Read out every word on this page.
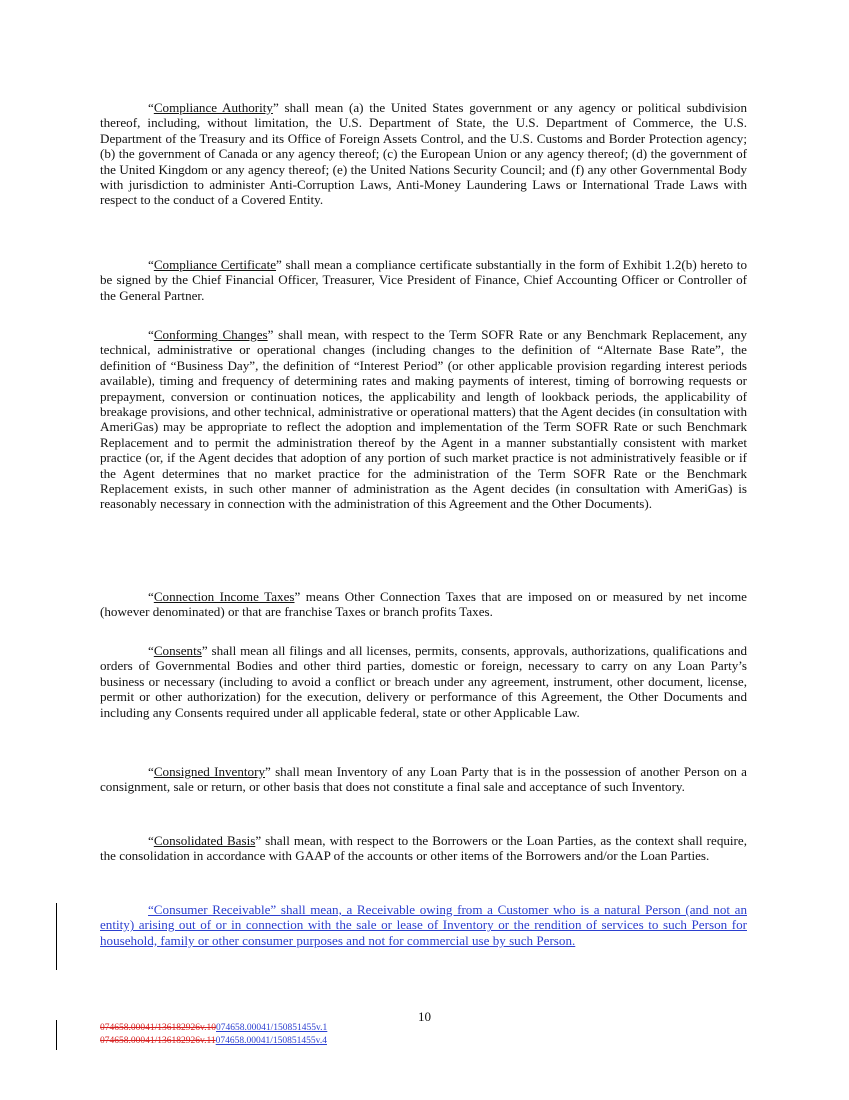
“Compliance Authority” shall mean (a) the United States government or any agency or political subdivision thereof, including, without limitation, the U.S. Department of State, the U.S. Department of Commerce, the U.S. Department of the Treasury and its Office of Foreign Assets Control, and the U.S. Customs and Border Protection agency; (b) the government of Canada or any agency thereof; (c) the European Union or any agency thereof; (d) the government of the United Kingdom or any agency thereof; (e) the United Nations Security Council; and (f) any other Governmental Body with jurisdiction to administer Anti-Corruption Laws, Anti-Money Laundering Laws or International Trade Laws with respect to the conduct of a Covered Entity.

“Compliance Certificate” shall mean a compliance certificate substantially in the form of Exhibit 1.2(b) hereto to be signed by the Chief Financial Officer, Treasurer, Vice President of Finance, Chief Accounting Officer or Controller of the General Partner.

“Conforming Changes” shall mean, with respect to the Term SOFR Rate or any Benchmark Replacement, any technical, administrative or operational changes (including changes to the definition of “Alternate Base Rate”, the definition of “Business Day”, the definition of “Interest Period” (or other applicable provision regarding interest periods available), timing and frequency of determining rates and making payments of interest, timing of borrowing requests or prepayment, conversion or continuation notices, the applicability and length of lookback periods, the applicability of breakage provisions, and other technical, administrative or operational matters) that the Agent decides (in consultation with AmeriGas) may be appropriate to reflect the adoption and implementation of the Term SOFR Rate or such Benchmark Replacement and to permit the administration thereof by the Agent in a manner substantially consistent with market practice (or, if the Agent decides that adoption of any portion of such market practice is not administratively feasible or if the Agent determines that no market practice for the administration of the Term SOFR Rate or the Benchmark Replacement exists, in such other manner of administration as the Agent decides (in consultation with AmeriGas) is reasonably necessary in connection with the administration of this Agreement and the Other Documents).

“Connection Income Taxes” means Other Connection Taxes that are imposed on or measured by net income (however denominated) or that are franchise Taxes or branch profits Taxes.

“Consents” shall mean all filings and all licenses, permits, consents, approvals, authorizations, qualifications and orders of Governmental Bodies and other third parties, domestic or foreign, necessary to carry on any Loan Party’s business or necessary (including to avoid a conflict or breach under any agreement, instrument, other document, license, permit or other authorization) for the execution, delivery or performance of this Agreement, the Other Documents and including any Consents required under all applicable federal, state or other Applicable Law.

“Consigned Inventory” shall mean Inventory of any Loan Party that is in the possession of another Person on a consignment, sale or return, or other basis that does not constitute a final sale and acceptance of such Inventory.

“Consolidated Basis” shall mean, with respect to the Borrowers or the Loan Parties, as the context shall require, the consolidation in accordance with GAAP of the accounts or other items of the Borrowers and/or the Loan Parties.

“Consumer Receivable” shall mean, a Receivable owing from a Customer who is a natural Person (and not an entity) arising out of or in connection with the sale or lease of Inventory or the rendition of services to such Person for household, family or other consumer purposes and not for commercial use by such Person.

10
074658.00041/136182926v.10074658.00041/150851455v.1
074658.00041/136182926v.11074658.00041/150851455v.4
